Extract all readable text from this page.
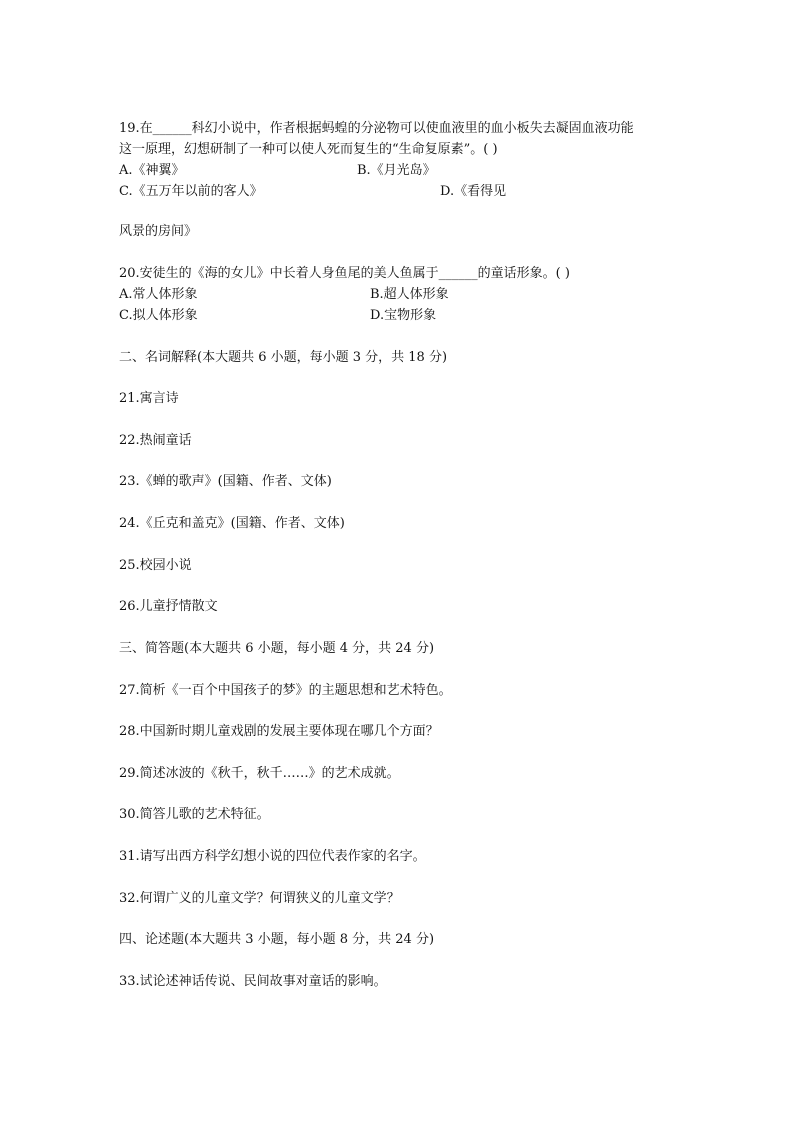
19.在______科幻小说中，作者根据蚂蝗的分泌物可以使血液里的血小板失去凝固血液功能
这一原理，幻想研制了一种可以使人死而复生的“生命复原素”。( )
A.《神翼》	B.《月光岛》
C.《五万年以前的客人》	D.《看得见
风景的房间》
20.安徒生的《海的女儿》中长着人身鱼尾的美人鱼属于______的童话形象。( )
A.常人体形象	B.超人体形象
C.拟人体形象	D.宝物形象
二、名词解释(本大题共 6 小题，每小题 3 分，共 18 分)
21.寓言诗
22.热闹童话
23.《蝉的歌声》(国籍、作者、文体)
24.《丘克和盖克》(国籍、作者、文体)
25.校园小说
26.儿童抒情散文
三、简答题(本大题共 6 小题，每小题 4 分，共 24 分)
27.简析《一百个中国孩子的梦》的主题思想和艺术特色。
28.中国新时期儿童戏剧的发展主要体现在哪几个方面？
29.简述冰波的《秋千，秋千……》的艺术成就。
30.简答儿歌的艺术特征。
31.请写出西方科学幻想小说的四位代表作家的名字。
32.何谓广义的儿童文学？何谓狭义的儿童文学？
四、论述题(本大题共 3 小题，每小题 8 分，共 24 分)
33.试论述神话传说、民间故事对童话的影响。
